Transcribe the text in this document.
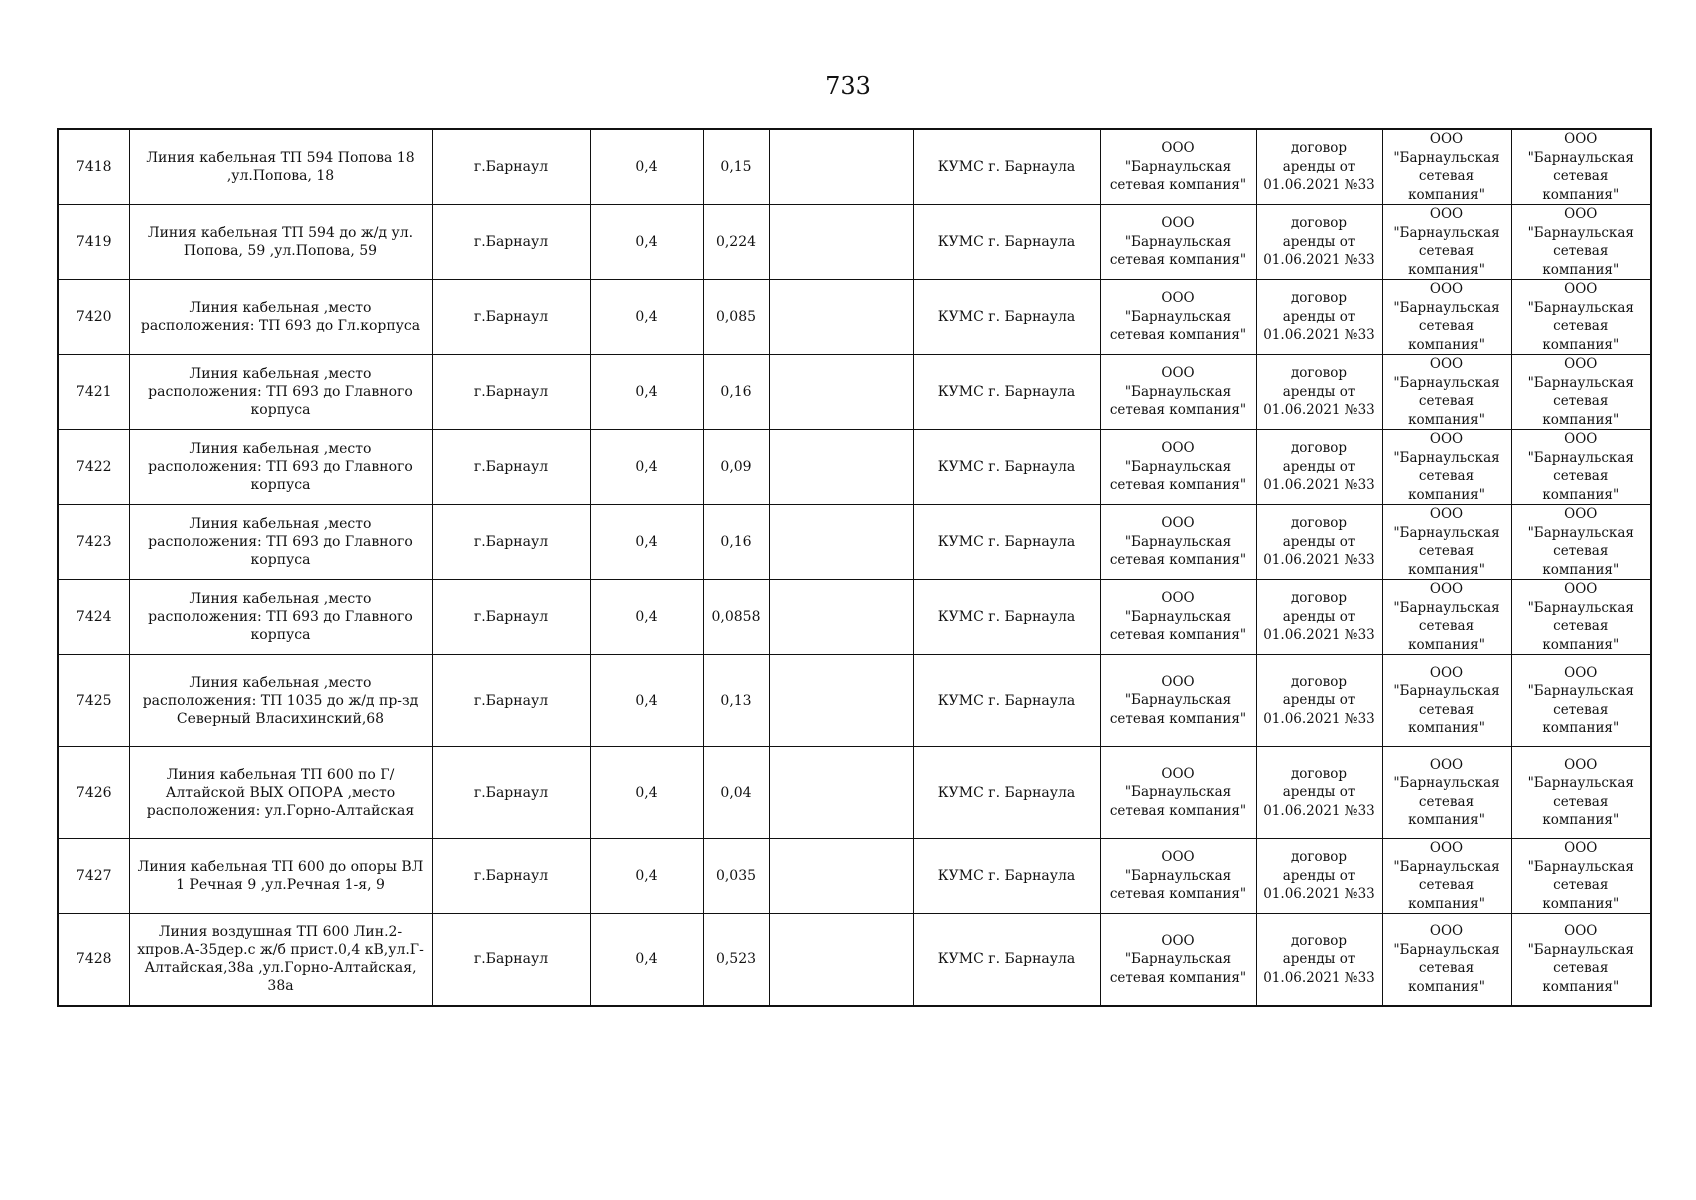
733
7418	Линия кабельная ТП 594 Попова 18 ,ул.Попова, 18	г.Барнаул	0,4	0,15		КУМС г. Барнаула	ООО "Барнаульская сетевая компания"	договор аренды от 01.06.2021 №33	ООО "Барнаульская сетевая компания"	ООО "Барнаульская сетевая компания"
7419	Линия кабельная ТП 594 до ж/д ул. Попова, 59 ,ул.Попова, 59	г.Барнаул	0,4	0,224		КУМС г. Барнаула	ООО "Барнаульская сетевая компания"	договор аренды от 01.06.2021 №33	ООО "Барнаульская сетевая компания"	ООО "Барнаульская сетевая компания"
7420	Линия кабельная ,место расположения: ТП 693 до Гл.корпуса	г.Барнаул	0,4	0,085		КУМС г. Барнаула	ООО "Барнаульская сетевая компания"	договор аренды от 01.06.2021 №33	ООО "Барнаульская сетевая компания"	ООО "Барнаульская сетевая компания"
7421	Линия кабельная ,место расположения: ТП 693 до Главного корпуса	г.Барнаул	0,4	0,16		КУМС г. Барнаула	ООО "Барнаульская сетевая компания"	договор аренды от 01.06.2021 №33	ООО "Барнаульская сетевая компания"	ООО "Барнаульская сетевая компания"
7422	Линия кабельная ,место расположения: ТП 693 до Главного корпуса	г.Барнаул	0,4	0,09		КУМС г. Барнаула	ООО "Барнаульская сетевая компания"	договор аренды от 01.06.2021 №33	ООО "Барнаульская сетевая компания"	ООО "Барнаульская сетевая компания"
7423	Линия кабельная ,место расположения: ТП 693 до Главного корпуса	г.Барнаул	0,4	0,16		КУМС г. Барнаула	ООО "Барнаульская сетевая компания"	договор аренды от 01.06.2021 №33	ООО "Барнаульская сетевая компания"	ООО "Барнаульская сетевая компания"
7424	Линия кабельная ,место расположения: ТП 693 до Главного корпуса	г.Барнаул	0,4	0,0858		КУМС г. Барнаула	ООО "Барнаульская сетевая компания"	договор аренды от 01.06.2021 №33	ООО "Барнаульская сетевая компания"	ООО "Барнаульская сетевая компания"
7425	Линия кабельная ,место расположения: ТП 1035 до ж/д пр-зд Северный Власихинский,68	г.Барнаул	0,4	0,13		КУМС г. Барнаула	ООО "Барнаульская сетевая компания"	договор аренды от 01.06.2021 №33	ООО "Барнаульская сетевая компания"	ООО "Барнаульская сетевая компания"
7426	Линия кабельная ТП 600 по Г/Алтайской ВЫХ ОПОРА ,место расположения: ул.Горно-Алтайская	г.Барнаул	0,4	0,04		КУМС г. Барнаула	ООО "Барнаульская сетевая компания"	договор аренды от 01.06.2021 №33	ООО "Барнаульская сетевая компания"	ООО "Барнаульская сетевая компания"
7427	Линия кабельная ТП 600 до опоры ВЛ 1 Речная 9 ,ул.Речная 1-я, 9	г.Барнаул	0,4	0,035		КУМС г. Барнаула	ООО "Барнаульская сетевая компания"	договор аренды от 01.06.2021 №33	ООО "Барнаульская сетевая компания"	ООО "Барнаульская сетевая компания"
7428	Линия воздушная ТП 600 Лин.2-хпров.А-35дер.с ж/б прист.0,4 кВ,ул.Г-Алтайская,38а ,ул.Горно-Алтайская, 38а	г.Барнаул	0,4	0,523		КУМС г. Барнаула	ООО "Барнаульская сетевая компания"	договор аренды от 01.06.2021 №33	ООО "Барнаульская сетевая компания"	ООО "Барнаульская сетевая компания"
